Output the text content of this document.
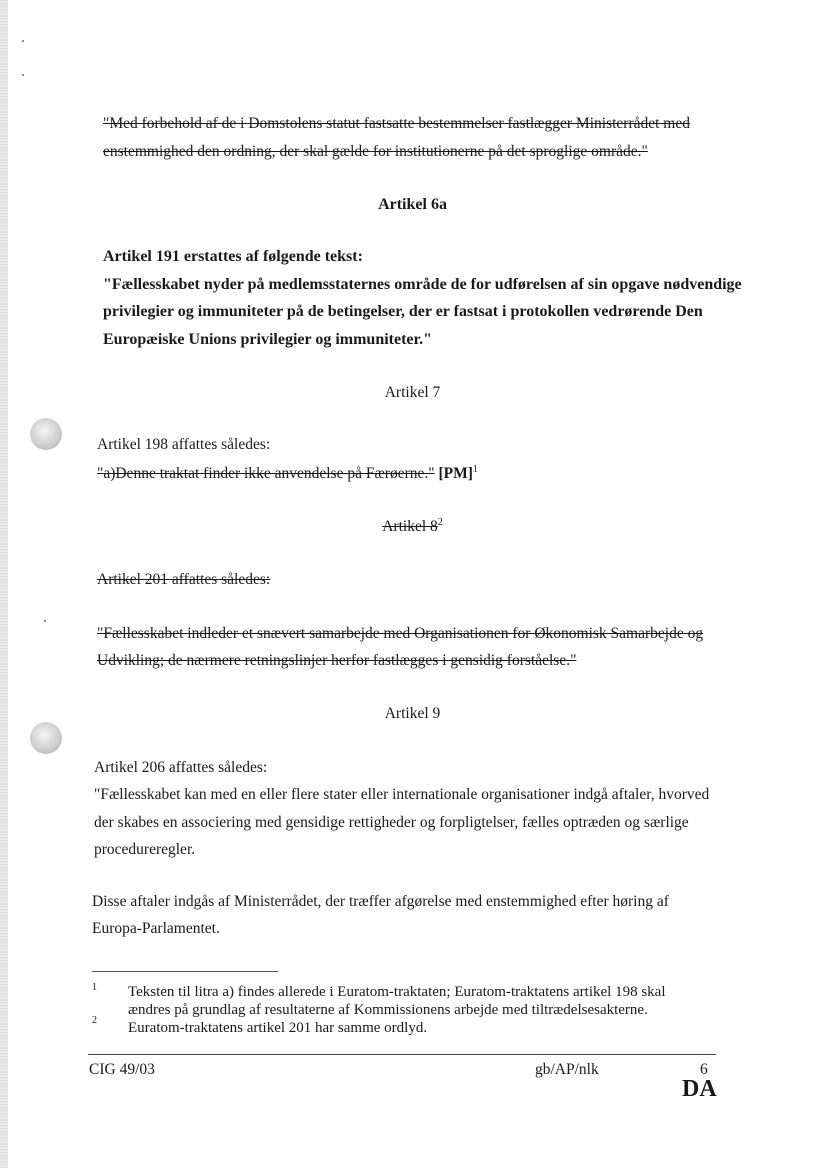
"Med forbehold af de i Domstolens statut fastsatte bestemmelser fastlægger Ministerrådet med
enstemmighed den ordning, der skal gælde for institutionerne på det sproglige område."
Artikel 6a
Artikel 191 erstattes af følgende tekst:
"Fællesskabet nyder på medlemsstaternes område de for udførelsen af sin opgave nødvendige
privilegier og immuniteter på de betingelser, der er fastsat i protokollen vedrørende Den
Europæiske Unions privilegier og immuniteter."
Artikel 7
Artikel 198 affattes således:
"a)Denne traktat finder ikke anvendelse på Færøerne." [PM]$^1$
Artikel $8^2$
Artikel 201 affattes således:
"Fællesskabet indleder et snævert samarbejde med Organisationen for Økonomisk Samarbejde og
Udvikling; de nærmere retningslinjer herfor fastlægges i gensidig forståelse."
Artikel 9
Artikel 206 affattes således:
"Fællesskabet kan med en eller flere stater eller internationale organisationer indgå aftaler, hvorved
der skabes en associering med gensidige rettigheder og forpligtelser, fælles optræden og særlige
procedureregler.
Disse aftaler indgås af Ministerrådet, der træffer afgørelse med enstemmighed efter høring af
Europa-Parlamentet.
1 Teksten til litra a) findes allerede i Euratom-traktaten; Euratom-traktatens artikel 198 skal
ændres på grundlag af resultaterne af Kommissionens arbejde med tiltrædelsesakterne.
2 Euratom-traktatens artikel 201 har samme ordlyd.
CIG 49/03	gb/AP/nlk	6
DA
